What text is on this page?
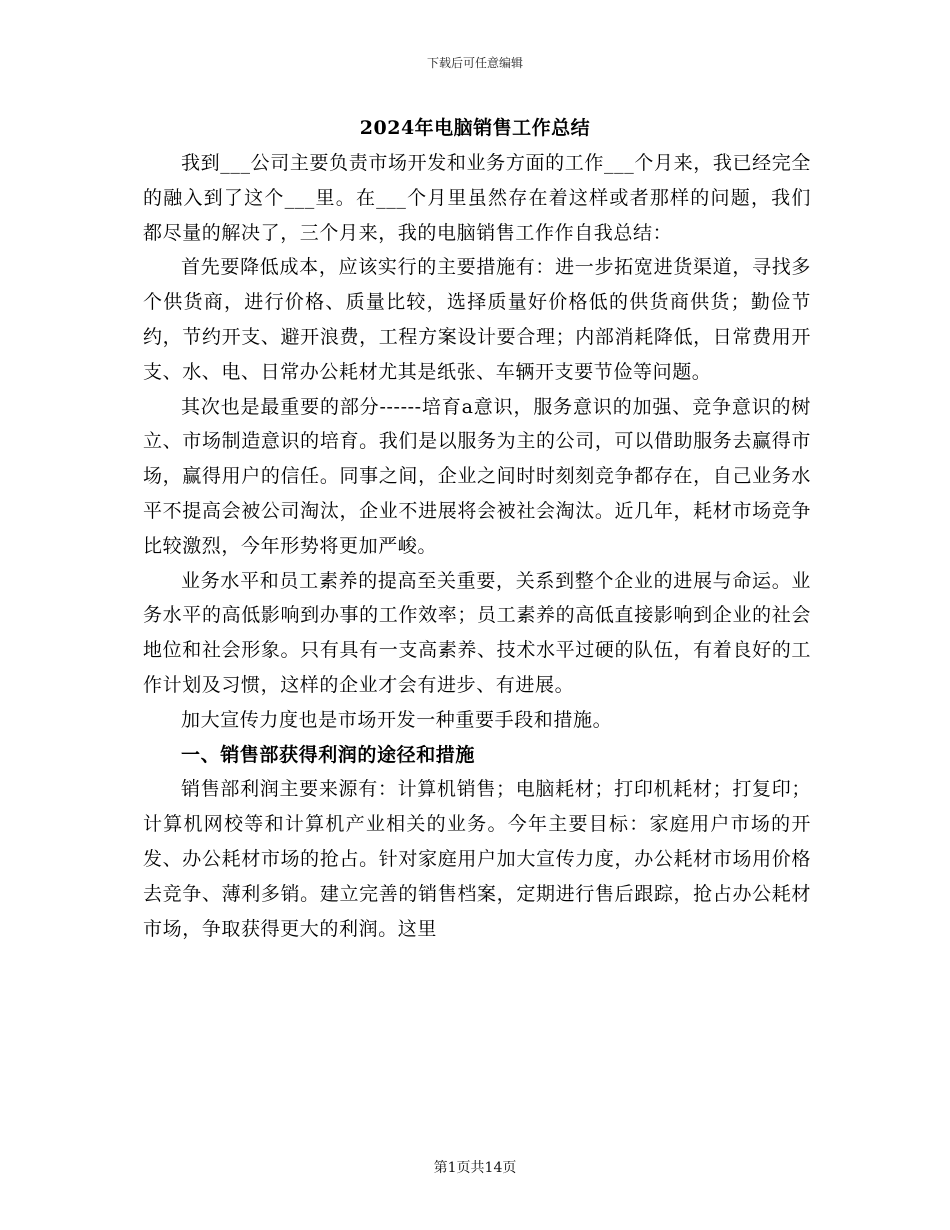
下载后可任意编辑
2024年电脑销售工作总结

我到___公司主要负责市场开发和业务方面的工作___个月来，我已经完全的融入到了这个___里。在___个月里虽然存在着这样或者那样的问题，我们都尽量的解决了，三个月来，我的电脑销售工作作自我总结：

首先要降低成本，应该实行的主要措施有：进一步拓宽进货渠道，寻找多个供货商，进行价格、质量比较，选择质量好价格低的供货商供货；勤俭节约，节约开支、避开浪费，工程方案设计要合理；内部消耗降低，日常费用开支、水、电、日常办公耗材尤其是纸张、车辆开支要节俭等问题。

其次也是最重要的部分------培育a意识，服务意识的加强、竞争意识的树立、市场制造意识的培育。我们是以服务为主的公司，可以借助服务去赢得市场，赢得用户的信任。同事之间，企业之间时时刻刻竞争都存在，自己业务水平不提高会被公司淘汰，企业不进展将会被社会淘汰。近几年，耗材市场竞争比较激烈，今年形势将更加严峻。

业务水平和员工素养的提高至关重要，关系到整个企业的进展与命运。业务水平的高低影响到办事的工作效率；员工素养的高低直接影响到企业的社会地位和社会形象。只有具有一支高素养、技术水平过硬的队伍，有着良好的工作计划及习惯，这样的企业才会有进步、有进展。

加大宣传力度也是市场开发一种重要手段和措施。

一、销售部获得利润的途径和措施

销售部利润主要来源有：计算机销售；电脑耗材；打印机耗材；打复印；计算机网校等和计算机产业相关的业务。今年主要目标：家庭用户市场的开发、办公耗材市场的抢占。针对家庭用户加大宣传力度，办公耗材市场用价格去竞争、薄利多销。建立完善的销售档案，定期进行售后跟踪，抢占办公耗材市场，争取获得更大的利润。这里

第1页共14页
